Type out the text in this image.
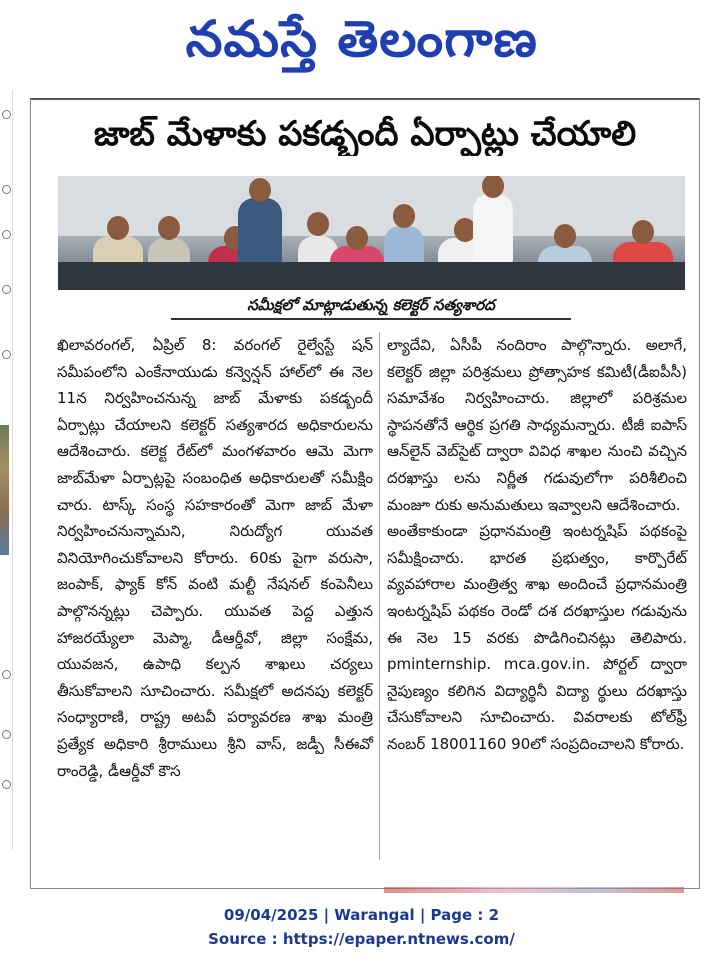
నమస్తే తెలంగాణ
జాబ్ మేళాకు పకడ్బందీ ఏర్పాట్లు చేయాలి
సమీక్షలో మాట్లాడుతున్న కలెక్టర్ సత్యశారద

ఖిలావరంగల్, ఏప్రిల్ 8: వరంగల్ రైల్వేస్టే షన్ సమీపంలోని ఎంకేనాయుడు కన్వెన్షన్ హాల్‌లో ఈ నెల 11న నిర్వహించనున్న జాబ్ మేళాకు పకడ్బందీ ఏర్పాట్లు చేయాలని కలెక్టర్ సత్యశారద అధికారులను ఆదేశించారు. కలెక్ట రేట్‌లో మంగళవారం ఆమె మెగా జాబ్‌మేళా ఏర్పాట్లపై సంబంధిత అధికారులతో సమీక్షిం చారు. టాస్క్ సంస్థ సహకారంతో మెగా జాబ్ మేళా నిర్వహించనున్నామని, నిరుద్యోగ యువత వినియోగించుకోవాలని కోరారు. 60కు పైగా వరుసా, జంపాక్, ఫ్యాక్ కోన్ వంటి మల్టీ నేషనల్ కంపెనీలు పాల్గొనన్నట్లు చెప్పారు. యువత పెద్ద ఎత్తున హాజరయ్యేలా మెప్మా, డీఆర్డీవో, జిల్లా సంక్షేమ, యువజన, ఉపాధి కల్పన శాఖలు చర్యలు తీసుకోవాలని సూచించారు. సమీక్షలో అదనపు కలెక్టర్ సంధ్యారాణి, రాష్ట్ర అటవీ పర్యావరణ శాఖ మంత్రి ప్రత్యేక అధికారి శ్రీరాములు శ్రీని వాస్, జడ్పీ సీఈవో రాంరెడ్డి, డీఆర్డీవో కౌస

ల్యాదేవి, ఏసీపీ నందిరాం పాల్గొన్నారు. అలాగే, కలెక్టర్ జిల్లా పరిశ్రమలు ప్రోత్సాహక కమిటీ(డీఐపీసీ) సమావేశం నిర్వహించారు. జిల్లాలో పరిశ్రమల స్థాపనతోనే ఆర్థిక ప్రగతి సాధ్యమన్నారు. టీజీ ఐపాస్ ఆన్‌లైన్ వెబ్‌సైట్ ద్వారా వివిధ శాఖల నుంచి వచ్చిన దరఖాస్తు లను నిర్ణీత గడువులోగా పరిశీలించి మంజూ రుకు అనుమతులు ఇవ్వాలని ఆదేశించారు.

అంతేకాకుండా ప్రధానమంత్రి ఇంటర్నషిప్ పథకంపై సమీక్షించారు. భారత ప్రభుత్వం, కార్పొరేట్ వ్యవహారాల మంత్రిత్వ శాఖ అందించే ప్రధానమంత్రి ఇంటర్నషిప్ పథకం రెండో దశ దరఖాస్తుల గడువును ఈ నెల 15 వరకు పొడిగించినట్లు తెలిపారు. pminternship. mca.gov.in. పోర్టల్ ద్వారా నైపుణ్యం కలిగిన విద్యార్థినీ విద్యా ర్థులు దరఖాస్తు చేసుకోవాలని సూచించారు. వివరాలకు టోల్‌ఫ్రీ నంబర్ 18001160 90లో సంప్రదించాలని కోరారు.

09/04/2025 | Warangal | Page : 2
Source : https://epaper.ntnews.com/
